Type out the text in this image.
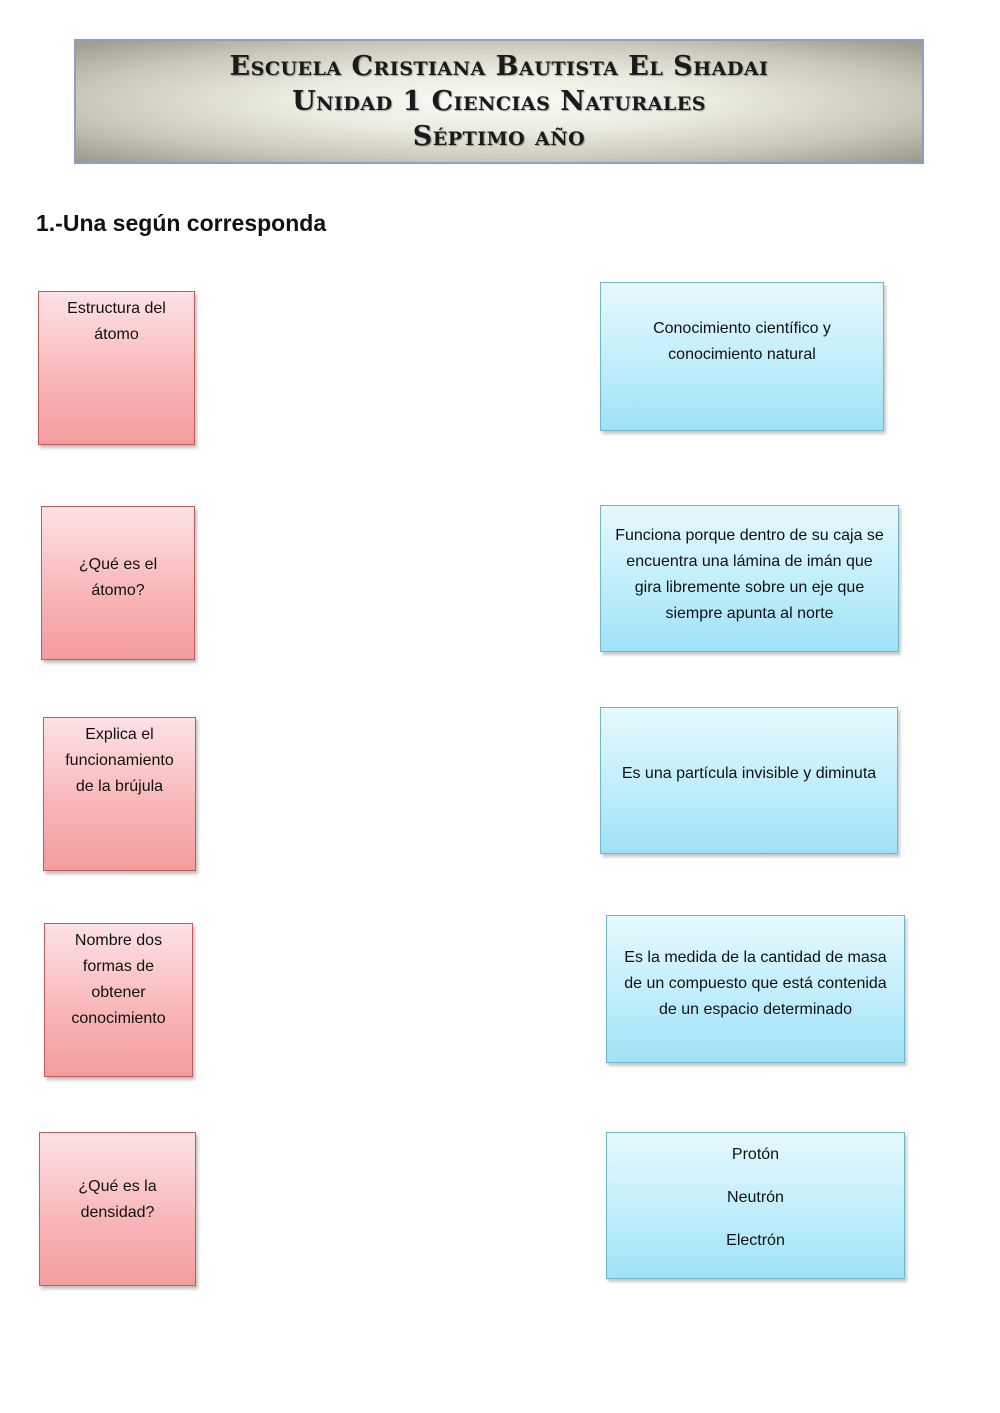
Escuela Cristiana Bautista El Shadai
Unidad 1 Ciencias Naturales
Séptimo año
1.-Una según corresponda
Estructura del átomo
¿Qué es el átomo?
Explica el funcionamiento de la brújula
Nombre dos formas de obtener conocimiento
¿Qué es la densidad?
Conocimiento científico y conocimiento natural
Funciona porque dentro de su caja se encuentra una lámina de imán que gira libremente sobre un eje que siempre apunta al norte
Es una partícula invisible y diminuta
Es la medida de la cantidad de masa de un compuesto que está contenida de un espacio determinado
Protón
Neutrón
Electrón
